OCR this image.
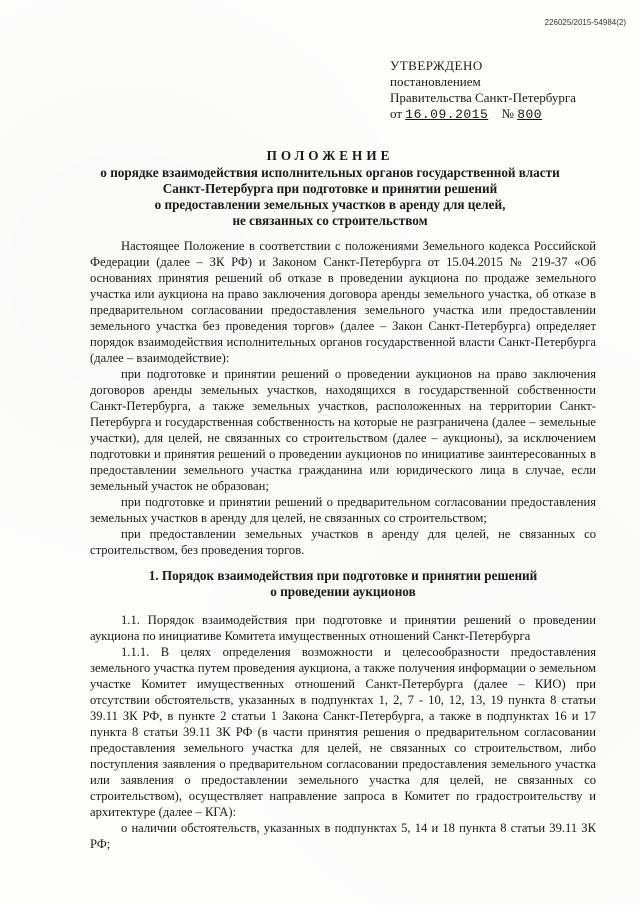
226025/2015-54984(2)
УТВЕРЖДЕНО
постановлением
Правительства Санкт-Петербурга
от 16.09.2015 № 800
ПОЛОЖЕНИЕ
о порядке взаимодействия исполнительных органов государственной власти
Санкт-Петербурга при подготовке и принятии решений
о предоставлении земельных участков в аренду для целей,
не связанных со строительством

Настоящее Положение в соответствии с положениями Земельного кодекса Российской Федерации (далее – ЗК РФ) и Законом Санкт-Петербурга от 15.04.2015 № 219-37 «Об основаниях принятия решений об отказе в проведении аукциона по продаже земельного участка или аукциона на право заключения договора аренды земельного участка, об отказе в предварительном согласовании предоставления земельного участка или предоставлении земельного участка без проведения торгов» (далее – Закон Санкт-Петербурга) определяет порядок взаимодействия исполнительных органов государственной власти Санкт-Петербурга (далее – взаимодействие):

при подготовке и принятии решений о проведении аукционов на право заключения договоров аренды земельных участков, находящихся в государственной собственности Санкт-Петербурга, а также земельных участков, расположенных на территории Санкт-Петербурга и государственная собственность на которые не разграничена (далее – земельные участки), для целей, не связанных со строительством (далее – аукционы), за исключением подготовки и принятия решений о проведении аукционов по инициативе заинтересованных в предоставлении земельного участка гражданина или юридического лица в случае, если земельный участок не образован;

при подготовке и принятии решений о предварительном согласовании предоставления земельных участков в аренду для целей, не связанных со строительством;

при предоставлении земельных участков в аренду для целей, не связанных со строительством, без проведения торгов.

1. Порядок взаимодействия при подготовке и принятии решений
о проведении аукционов

1.1. Порядок взаимодействия при подготовке и принятии решений о проведении аукциона по инициативе Комитета имущественных отношений Санкт-Петербурга

1.1.1. В целях определения возможности и целесообразности предоставления земельного участка путем проведения аукциона, а также получения информации о земельном участке Комитет имущественных отношений Санкт-Петербурга (далее – КИО) при отсутствии обстоятельств, указанных в подпунктах 1, 2, 7 - 10, 12, 13, 19 пункта 8 статьи 39.11 ЗК РФ, в пункте 2 статьи 1 Закона Санкт-Петербурга, а также в подпунктах 16 и 17 пункта 8 статьи 39.11 ЗК РФ (в части принятия решения о предварительном согласовании предоставления земельного участка для целей, не связанных со строительством, либо поступления заявления о предварительном согласовании предоставления земельного участка или заявления о предоставлении земельного участка для целей, не связанных со строительством), осуществляет направление запроса в Комитет по градостроительству и архитектуре (далее – КГА):

о наличии обстоятельств, указанных в подпунктах 5, 14 и 18 пункта 8 статьи 39.11 ЗК РФ;
